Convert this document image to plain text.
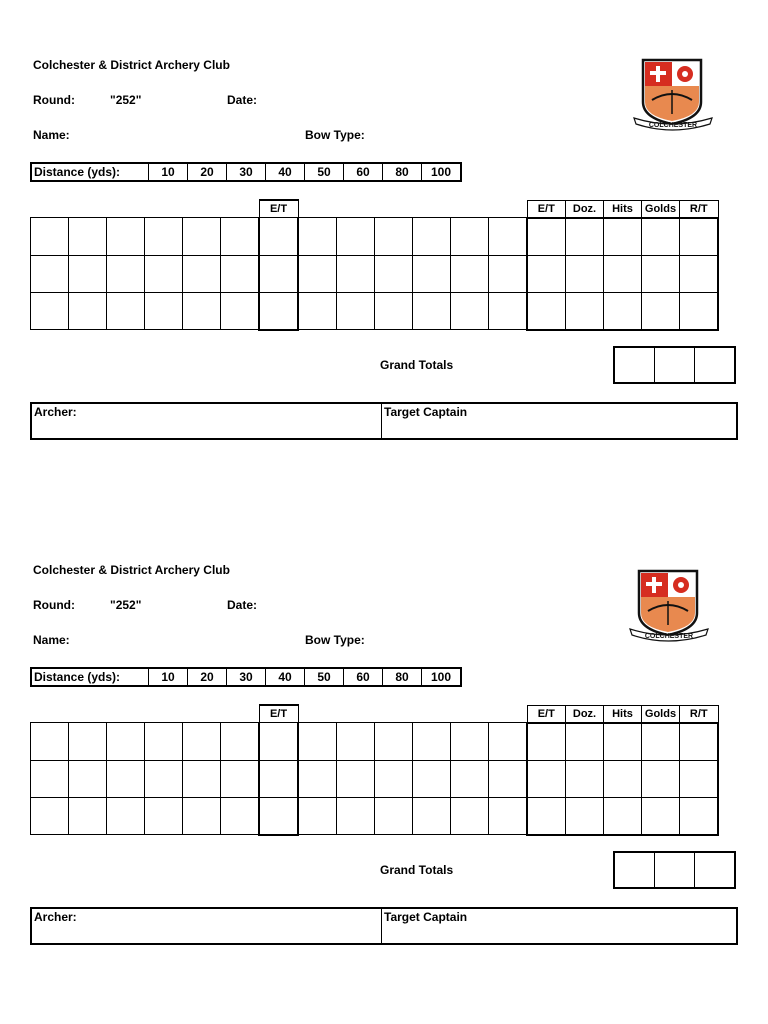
Colchester & District Archery Club
Round:	"252"	Date:
Name:	Bow Type:
COLCHESTER
Distance (yds):	10	20	30	40	50	60	80	100
						E/T							E/T	Doz.	Hits	Golds	R/T

Grand Totals

Archer:	Target Captain
Colchester & District Archery Club
Round:	"252"	Date:
Name:	Bow Type:	COLCHESTER
Distance (yds):	10	20	30	40	50	60	80	100
						E/T							E/T	Doz.	Hits	Golds	R/T

Grand Totals

Archer:	Target Captain
